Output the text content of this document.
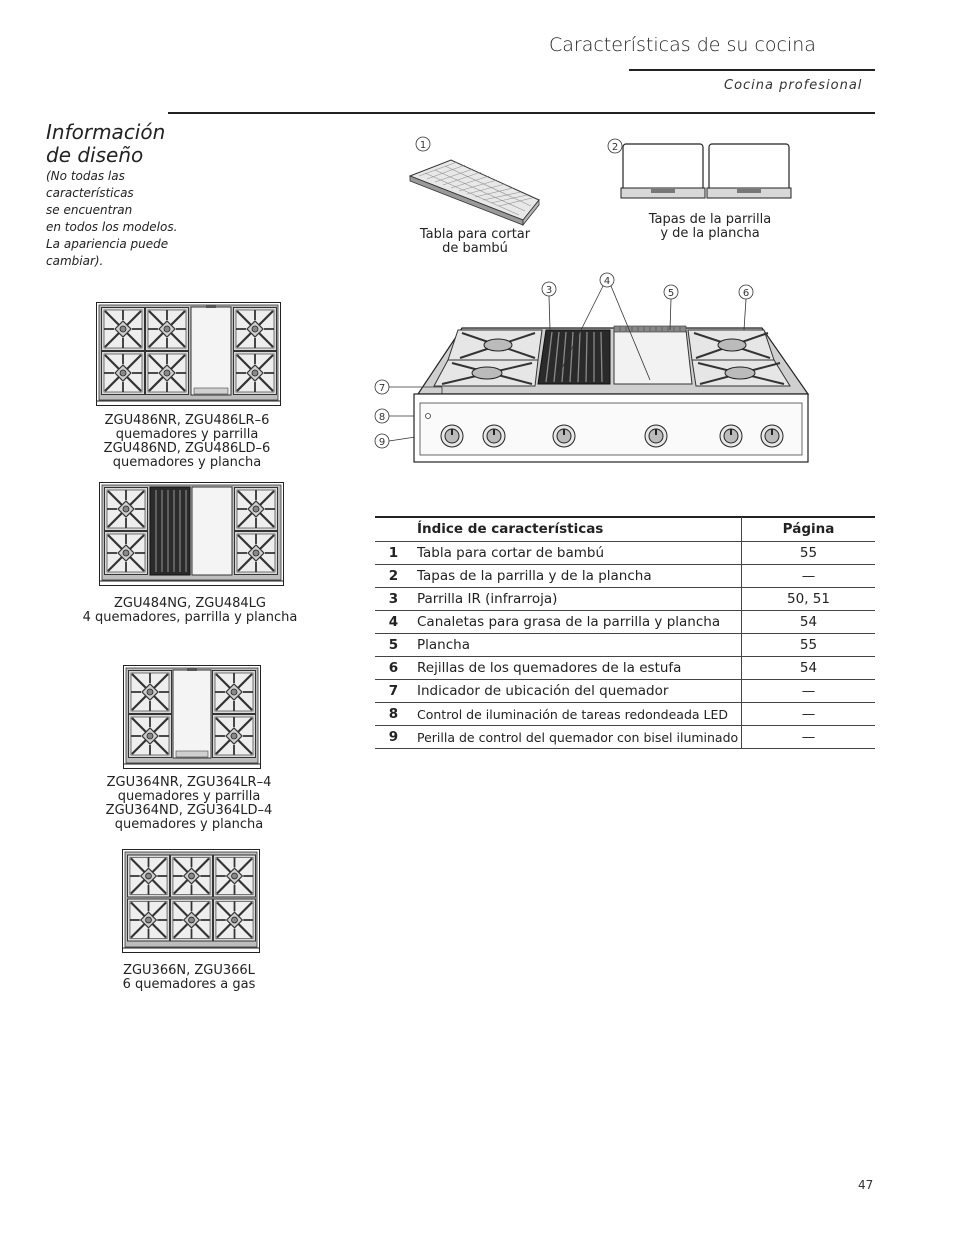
Características de su cocina
Cocina profesional
Información
de diseño
(No todas las
características
se encuentran
en todos los modelos.
La apariencia puede
cambiar).
ZGU486NR, ZGU486LR–6
quemadores y parrilla
ZGU486ND, ZGU486LD–6
quemadores y plancha
ZGU484NG, ZGU484LG
4 quemadores, parrilla y plancha
ZGU364NR, ZGU364LR–4
quemadores y parrilla
ZGU364ND, ZGU364LD–4
quemadores y plancha
ZGU366N, ZGU366L
6 quemadores a gas
1
Tabla para cortar
de bambú
2
Tapas de la parrilla
y de la plancha
3
4
5	6
7
8
9
	Índice de características	Página
1	Tabla para cortar de bambú	55
2	Tapas de la parrilla y de la plancha	—
3	Parrilla IR (infrarroja)	50, 51
4	Canaletas para grasa de la parrilla y plancha	54
5	Plancha	55
6	Rejillas de los quemadores de la estufa	54
7	Indicador de ubicación del quemador	—
8	Control de iluminación de tareas redondeada LED	—
9	Perilla de control del quemador con bisel iluminado	—
47
